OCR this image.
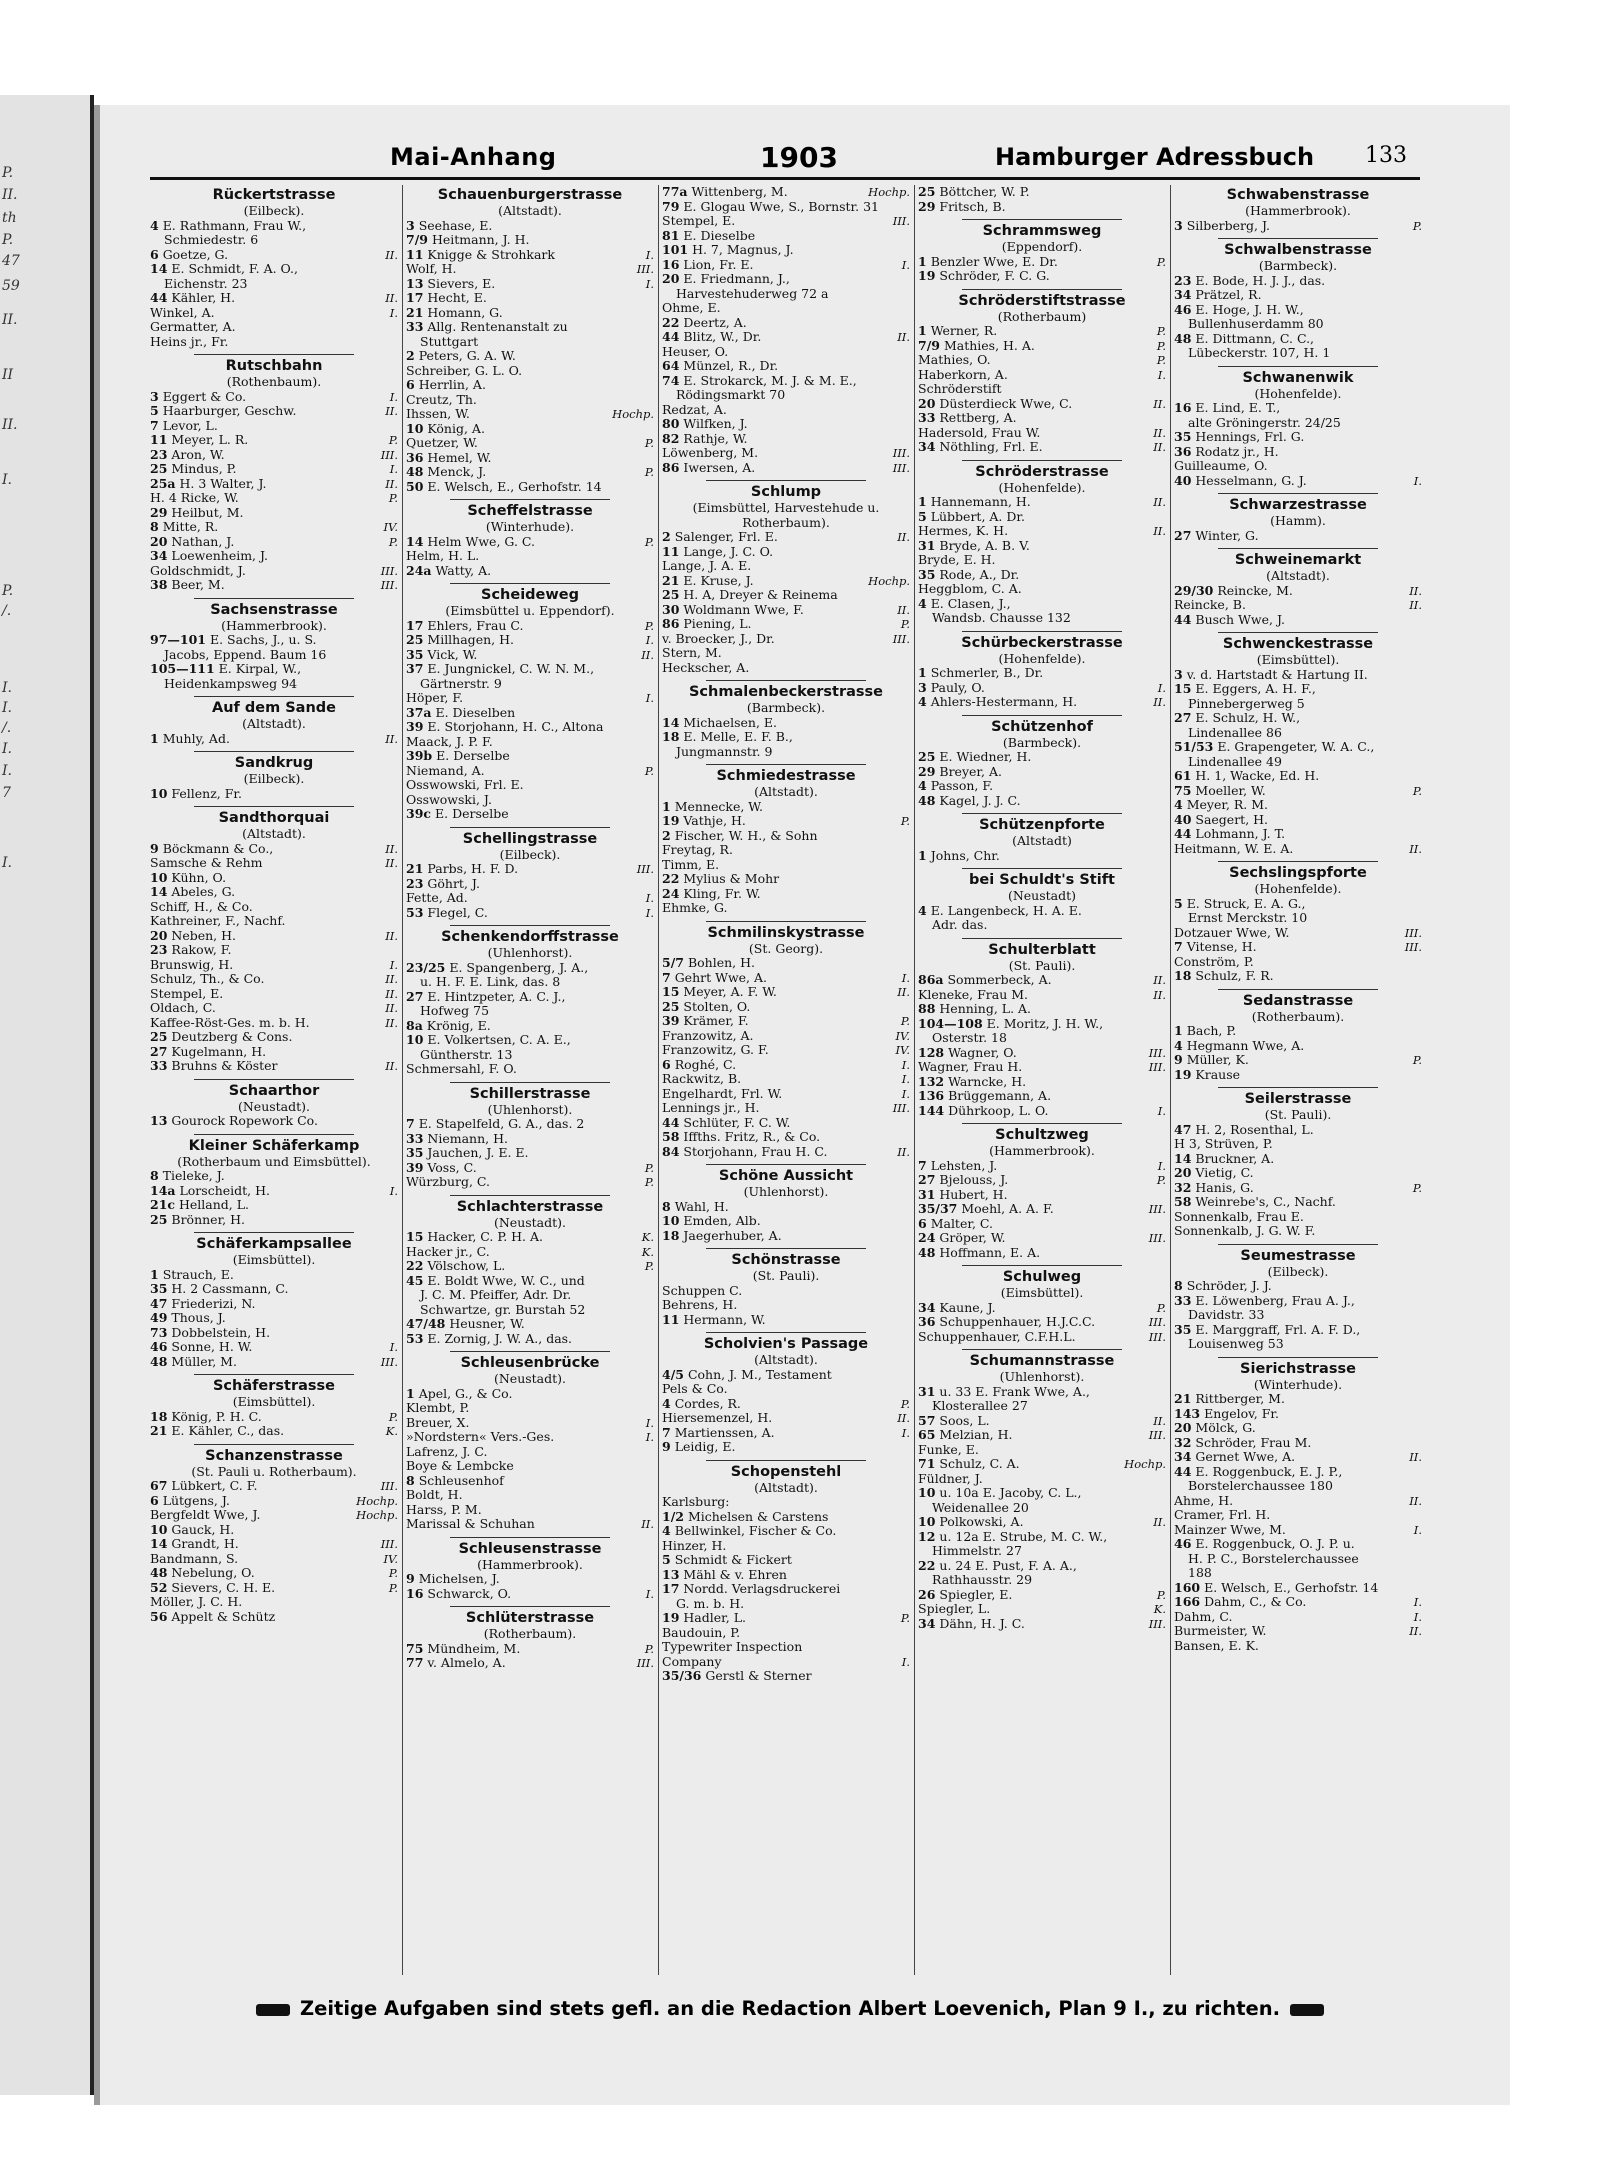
P.
II.
th
P.
47
59
II.
II
II.
I.
P.
/.
I.
I.
/.
I.
I.
7
I.
Mai-Anhang	1903	Hamburger Adressbuch 133
Rückertstrasse
(Eilbeck).
4 E. Rathmann, Frau W.,
Schmiedestr. 6
6 Goetze, G.	II.
14 E. Schmidt, F. A. O.,
Eichenstr. 23
44 Kähler, H.	II.
Winkel, A.	I.
Germatter, A.
Heins jr., Fr.
Rutschbahn
(Rothenbaum).
3 Eggert & Co.	I.
5 Haarburger, Geschw.	II.
7 Levor, L.
11 Meyer, L. R.	P.
23 Aron, W.	III.
25 Mindus, P.	I.
25a H. 3 Walter, J.	II.
H. 4 Ricke, W.	P.
29 Heilbut, M.
8 Mitte, R.	IV.
20 Nathan, J.	P.
34 Loewenheim, J.
Goldschmidt, J.	III.
38 Beer, M.	III.
Sachsenstrasse
(Hammerbrook).
97—101 E. Sachs, J., u. S.
Jacobs, Eppend. Baum 16
105—111 E. Kirpal, W.,
Heidenkampsweg 94
Auf dem Sande
(Altstadt).
1 Muhly, Ad.	II.
Sandkrug
(Eilbeck).
10 Fellenz, Fr.
Sandthorquai
(Altstadt).
9 Böckmann & Co.,	II.
Samsche & Rehm	II.
10 Kühn, O.
14 Abeles, G.
Schiff, H., & Co.
Kathreiner, F., Nachf.
20 Neben, H.	II.
23 Rakow, F.
Brunswig, H.	I.
Schulz, Th., & Co.	II.
Stempel, E.	II.
Oldach, C.	II.
Kaffee-Röst-Ges. m. b. H.	II.
25 Deutzberg & Cons.
27 Kugelmann, H.
33 Bruhns & Köster	II.
Schaarthor
(Neustadt).
13 Gourock Ropework Co.
Kleiner Schäferkamp
(Rotherbaum und Eimsbüttel).
8 Tieleke, J.
14a Lorscheidt, H.	I.
21c Helland, L.
25 Brönner, H.
Schäferkampsallee
(Eimsbüttel).
1 Strauch, E.
35 H. 2 Cassmann, C.
47 Friederizi, N.
49 Thous, J.
73 Dobbelstein, H.
46 Sonne, H. W.	I.
48 Müller, M.	III.
Schäferstrasse
(Eimsbüttel).
18 König, P. H. C.	P.
21 E. Kähler, C., das.	K.
Schanzenstrasse
(St. Pauli u. Rotherbaum).
67 Lübkert, C. F.	III.
6 Lütgens, J.	Hochp.
Bergfeldt Wwe, J.	Hochp.
10 Gauck, H.
14 Grandt, H.	III.
Bandmann, S.	IV.
48 Nebelung, O.	P.
52 Sievers, C. H. E.	P.
Möller, J. C. H.
56 Appelt & Schütz
Schauenburgerstrasse
(Altstadt).
3 Seehase, E.
7/9 Heitmann, J. H.
11 Knigge & Strohkark	I.
Wolf, H.	III.
13 Sievers, E.	I.
17 Hecht, E.
21 Homann, G.
33 Allg. Rentenanstalt zu
Stuttgart
2 Peters, G. A. W.
Schreiber, G. L. O.
6 Herrlin, A.
Creutz, Th.
Ihssen, W.	Hochp.
10 König, A.
Quetzer, W.	P.
36 Hemel, W.
48 Menck, J.	P.
50 E. Welsch, E., Gerhofstr. 14
Scheffelstrasse
(Winterhude).
14 Helm Wwe, G. C.	P.
Helm, H. L.
24a Watty, A.
Scheideweg
(Eimsbüttel u. Eppendorf).
17 Ehlers, Frau C.	P.
25 Millhagen, H.	I.
35 Vick, W.	II.
37 E. Jungnickel, C. W. N. M.,
Gärtnerstr. 9
Höper, F.	I.
37a E. Dieselben
39 E. Storjohann, H. C., Altona
Maack, J. P. F.
39b E. Derselbe
Niemand, A.	P.
Osswowski, Frl. E.
Osswowski, J.
39c E. Derselbe
Schellingstrasse
(Eilbeck).
21 Parbs, H. F. D.	III.
23 Göhrt, J.
Fette, Ad.	I.
53 Flegel, C.	I.
Schenkendorffstrasse
(Uhlenhorst).
23/25 E. Spangenberg, J. A.,
u. H. F. E. Link, das. 8
27 E. Hintzpeter, A. C. J.,
Hofweg 75
8a Krönig, E.
10 E. Volkertsen, C. A. E.,
Güntherstr. 13
Schmersahl, F. O.
Schillerstrasse
(Uhlenhorst).
7 E. Stapelfeld, G. A., das. 2
33 Niemann, H.
35 Jauchen, J. E. E.
39 Voss, C.	P.
Würzburg, C.	P.
Schlachterstrasse
(Neustadt).
15 Hacker, C. P. H. A.	K.
Hacker jr., C.	K.
22 Völschow, L.	P.
45 E. Boldt Wwe, W. C., und
J. C. M. Pfeiffer, Adr. Dr.
Schwartze, gr. Burstah 52
47/48 Heusner, W.
53 E. Zornig, J. W. A., das.
Schleusenbrücke
(Neustadt).
1 Apel, G., & Co.
Klembt, P.
Breuer, X.	I.
»Nordstern« Vers.-Ges.	I.
Lafrenz, J. C.
Boye & Lembcke
8 Schleusenhof
Boldt, H.
Harss, P. M.
Marissal & Schuhan	II.
Schleusenstrasse
(Hammerbrook).
9 Michelsen, J.
16 Schwarck, O.	I.
Schlüterstrasse
(Rotherbaum).
75 Mündheim, M.	P.
77 v. Almelo, A.	III.
77a Wittenberg, M.	Hochp.
79 E. Glogau Wwe, S., Bornstr. 31
Stempel, E.	III.
81 E. Dieselbe
101 H. 7, Magnus, J.
16 Lion, Fr. E.	I.
20 E. Friedmann, J.,
Harvestehuderweg 72 a
Ohme, E.
22 Deertz, A.
44 Blitz, W., Dr.	II.
Heuser, O.
64 Münzel, R., Dr.
74 E. Strokarck, M. J. & M. E.,
Rödingsmarkt 70
Redzat, A.
80 Wilfken, J.
82 Rathje, W.
Löwenberg, M.	III.
86 Iwersen, A.	III.
Schlump
(Eimsbüttel, Harvestehude u. Rotherbaum).
2 Salenger, Frl. E.	II.
11 Lange, J. C. O.
Lange, J. A. E.
21 E. Kruse, J.	Hochp.
25 H. A, Dreyer & Reinema
30 Woldmann Wwe, F.	II.
86 Piening, L.	P.
v. Broecker, J., Dr.	III.
Stern, M.
Heckscher, A.
Schmalenbeckerstrasse
(Barmbeck).
14 Michaelsen, E.
18 E. Melle, E. F. B.,
Jungmannstr. 9
Schmiedestrasse
(Altstadt).
1 Mennecke, W.
19 Vathje, H.	P.
2 Fischer, W. H., & Sohn
Freytag, R.
Timm, E.
22 Mylius & Mohr
24 Kling, Fr. W.
Ehmke, G.
Schmilinskystrasse
(St. Georg).
5/7 Bohlen, H.
7 Gehrt Wwe, A.	I.
15 Meyer, A. F. W.	II.
25 Stolten, O.
39 Krämer, F.	P.
Franzowitz, A.	IV.
Franzowitz, G. F.	IV.
6 Roghé, C.	I.
Rackwitz, B.	I.
Engelhardt, Frl. W.	I.
Lennings jr., H.	III.
44 Schlüter, F. C. W.
58 Iffths. Fritz, R., & Co.
84 Storjohann, Frau H. C.	II.
Schöne Aussicht
(Uhlenhorst).
8 Wahl, H.
10 Emden, Alb.
18 Jaegerhuber, A.
Schönstrasse
(St. Pauli).
Schuppen C.
Behrens, H.
11 Hermann, W.
Scholvien's Passage
(Altstadt).
4/5 Cohn, J. M., Testament
Pels & Co.
4 Cordes, R.	P.
Hiersemenzel, H.	II.
7 Martienssen, A.	I.
9 Leidig, E.
Schopenstehl
(Altstadt).
Karlsburg:
1/2 Michelsen & Carstens
4 Bellwinkel, Fischer & Co.
Hinzer, H.
5 Schmidt & Fickert
13 Mähl & v. Ehren
17 Nordd. Verlagsdruckerei
G. m. b. H.
19 Hadler, L.	P.
Baudouin, P.
Typewriter Inspection
Company	I.
35/36 Gerstl & Sterner
25 Böttcher, W. P.
29 Fritsch, B.
Schrammsweg
(Eppendorf).
1 Benzler Wwe, E. Dr.	P.
19 Schröder, F. C. G.
Schröderstiftstrasse
(Rotherbaum)
1 Werner, R.	P.
7/9 Mathies, H. A.	P.
Mathies, O.	P.
Haberkorn, A.	I.
Schröderstift
20 Düsterdieck Wwe, C.	II.
33 Rettberg, A.
Hadersold, Frau W.	II.
34 Nöthling, Frl. E.	II.
Schröderstrasse
(Hohenfelde).
1 Hannemann, H.	II.
5 Lübbert, A. Dr.
Hermes, K. H.	II.
31 Bryde, A. B. V.
Bryde, E. H.
35 Rode, A., Dr.
Heggblom, C. A.
4 E. Clasen, J.,
Wandsb. Chausse 132
Schürbeckerstrasse
(Hohenfelde).
1 Schmerler, B., Dr.
3 Pauly, O.	I.
4 Ahlers-Hestermann, H.	II.
Schützenhof
(Barmbeck).
25 E. Wiedner, H.
29 Breyer, A.
4 Passon, F.
48 Kagel, J. J. C.
Schützenpforte
(Altstadt)
1 Johns, Chr.
bei Schuldt's Stift
(Neustadt)
4 E. Langenbeck, H. A. E.
Adr. das.
Schulterblatt
(St. Pauli).
86a Sommerbeck, A.	II.
Kleneke, Frau M.	II.
88 Henning, L. A.
104—108 E. Moritz, J. H. W.,
Osterstr. 18
128 Wagner, O.	III.
Wagner, Frau H.	III.
132 Warncke, H.
136 Brüggemann, A.
144 Dührkoop, L. O.	I.
Schultzweg
(Hammerbrook).
7 Lehsten, J.	I.
27 Bjelouss, J.	P.
31 Hubert, H.
35/37 Moehl, A. A. F.	III.
6 Malter, C.
24 Gröper, W.	III.
48 Hoffmann, E. A.
Schulweg
(Eimsbüttel).
34 Kaune, J.	P.
36 Schuppenhauer, H.J.C.C.	III.
Schuppenhauer, C.F.H.L.	III.
Schumannstrasse
(Uhlenhorst).
31 u. 33 E. Frank Wwe, A.,
Klosterallee 27
57 Soos, L.	II.
65 Melzian, H.	III.
Funke, E.
71 Schulz, C. A.	Hochp.
Füldner, J.
10 u. 10a E. Jacoby, C. L.,
Weidenallee 20
10 Polkowski, A.	II.
12 u. 12a E. Strube, M. C. W.,
Himmelstr. 27
22 u. 24 E. Pust, F. A. A.,
Rathhausstr. 29
26 Spiegler, E.	P.
Spiegler, L.	K.
34 Dähn, H. J. C.	III.
Schwabenstrasse
(Hammerbrook).
3 Silberberg, J.	P.
Schwalbenstrasse
(Barmbeck).
23 E. Bode, H. J. J., das.
34 Prätzel, R.
46 E. Hoge, J. H. W.,
Bullenhuserdamm 80
48 E. Dittmann, C. C.,
Lübeckerstr. 107, H. 1
Schwanenwik
(Hohenfelde).
16 E. Lind, E. T.,
alte Gröningerstr. 24/25
35 Hennings, Frl. G.
36 Rodatz jr., H.
Guilleaume, O.
40 Hesselmann, G. J.	I.
Schwarzestrasse
(Hamm).
27 Winter, G.
Schweinemarkt
(Altstadt).
29/30 Reincke, M.	II.
Reincke, B.	II.
44 Busch Wwe, J.
Schwenckestrasse
(Eimsbüttel).
3 v. d. Hartstadt & Hartung II.
15 E. Eggers, A. H. F.,
Pinnebergerweg 5
27 E. Schulz, H. W.,
Lindenallee 86
51/53 E. Grapengeter, W. A. C.,
Lindenallee 49
61 H. 1, Wacke, Ed. H.
75 Moeller, W.	P.
4 Meyer, R. M.
40 Saegert, H.
44 Lohmann, J. T.
Heitmann, W. E. A.	II.
Sechslingspforte
(Hohenfelde).
5 E. Struck, E. A. G.,
Ernst Merckstr. 10
Dotzauer Wwe, W.	III.
7 Vitense, H.	III.
Conström, P.
18 Schulz, F. R.
Sedanstrasse
(Rotherbaum).
1 Bach, P.
4 Hegmann Wwe, A.
9 Müller, K.	P.
19 Krause
Seilerstrasse
(St. Pauli).
47 H. 2, Rosenthal, L.
H 3, Strüven, P.
14 Bruckner, A.
20 Vietig, C.
32 Hanis, G.	P.
58 Weinrebe's, C., Nachf.
Sonnenkalb, Frau E.
Sonnenkalb, J. G. W. F.
Seumestrasse
(Eilbeck).
8 Schröder, J. J.
33 E. Löwenberg, Frau A. J.,
Davidstr. 33
35 E. Marggraff, Frl. A. F. D.,
Louisenweg 53
Sierichstrasse
(Winterhude).
21 Rittberger, M.
143 Engelov, Fr.
20 Mölck, G.
32 Schröder, Frau M.
34 Gernet Wwe, A.	II.
44 E. Roggenbuck, E. J. P.,
Borstelerchaussee 180
Ahme, H.	II.
Cramer, Frl. H.
Mainzer Wwe, M.	I.
46 E. Roggenbuck, O. J. P. u.
H. P. C., Borstelerchaussee
188
160 E. Welsch, E., Gerhofstr. 14
166 Dahm, C., & Co.	I.
Dahm, C.	I.
Burmeister, W.	II.
Bansen, E. K.
Zeitige Aufgaben sind stets gefl. an die Redaction Albert Loevenich, Plan 9 I., zu richten.
